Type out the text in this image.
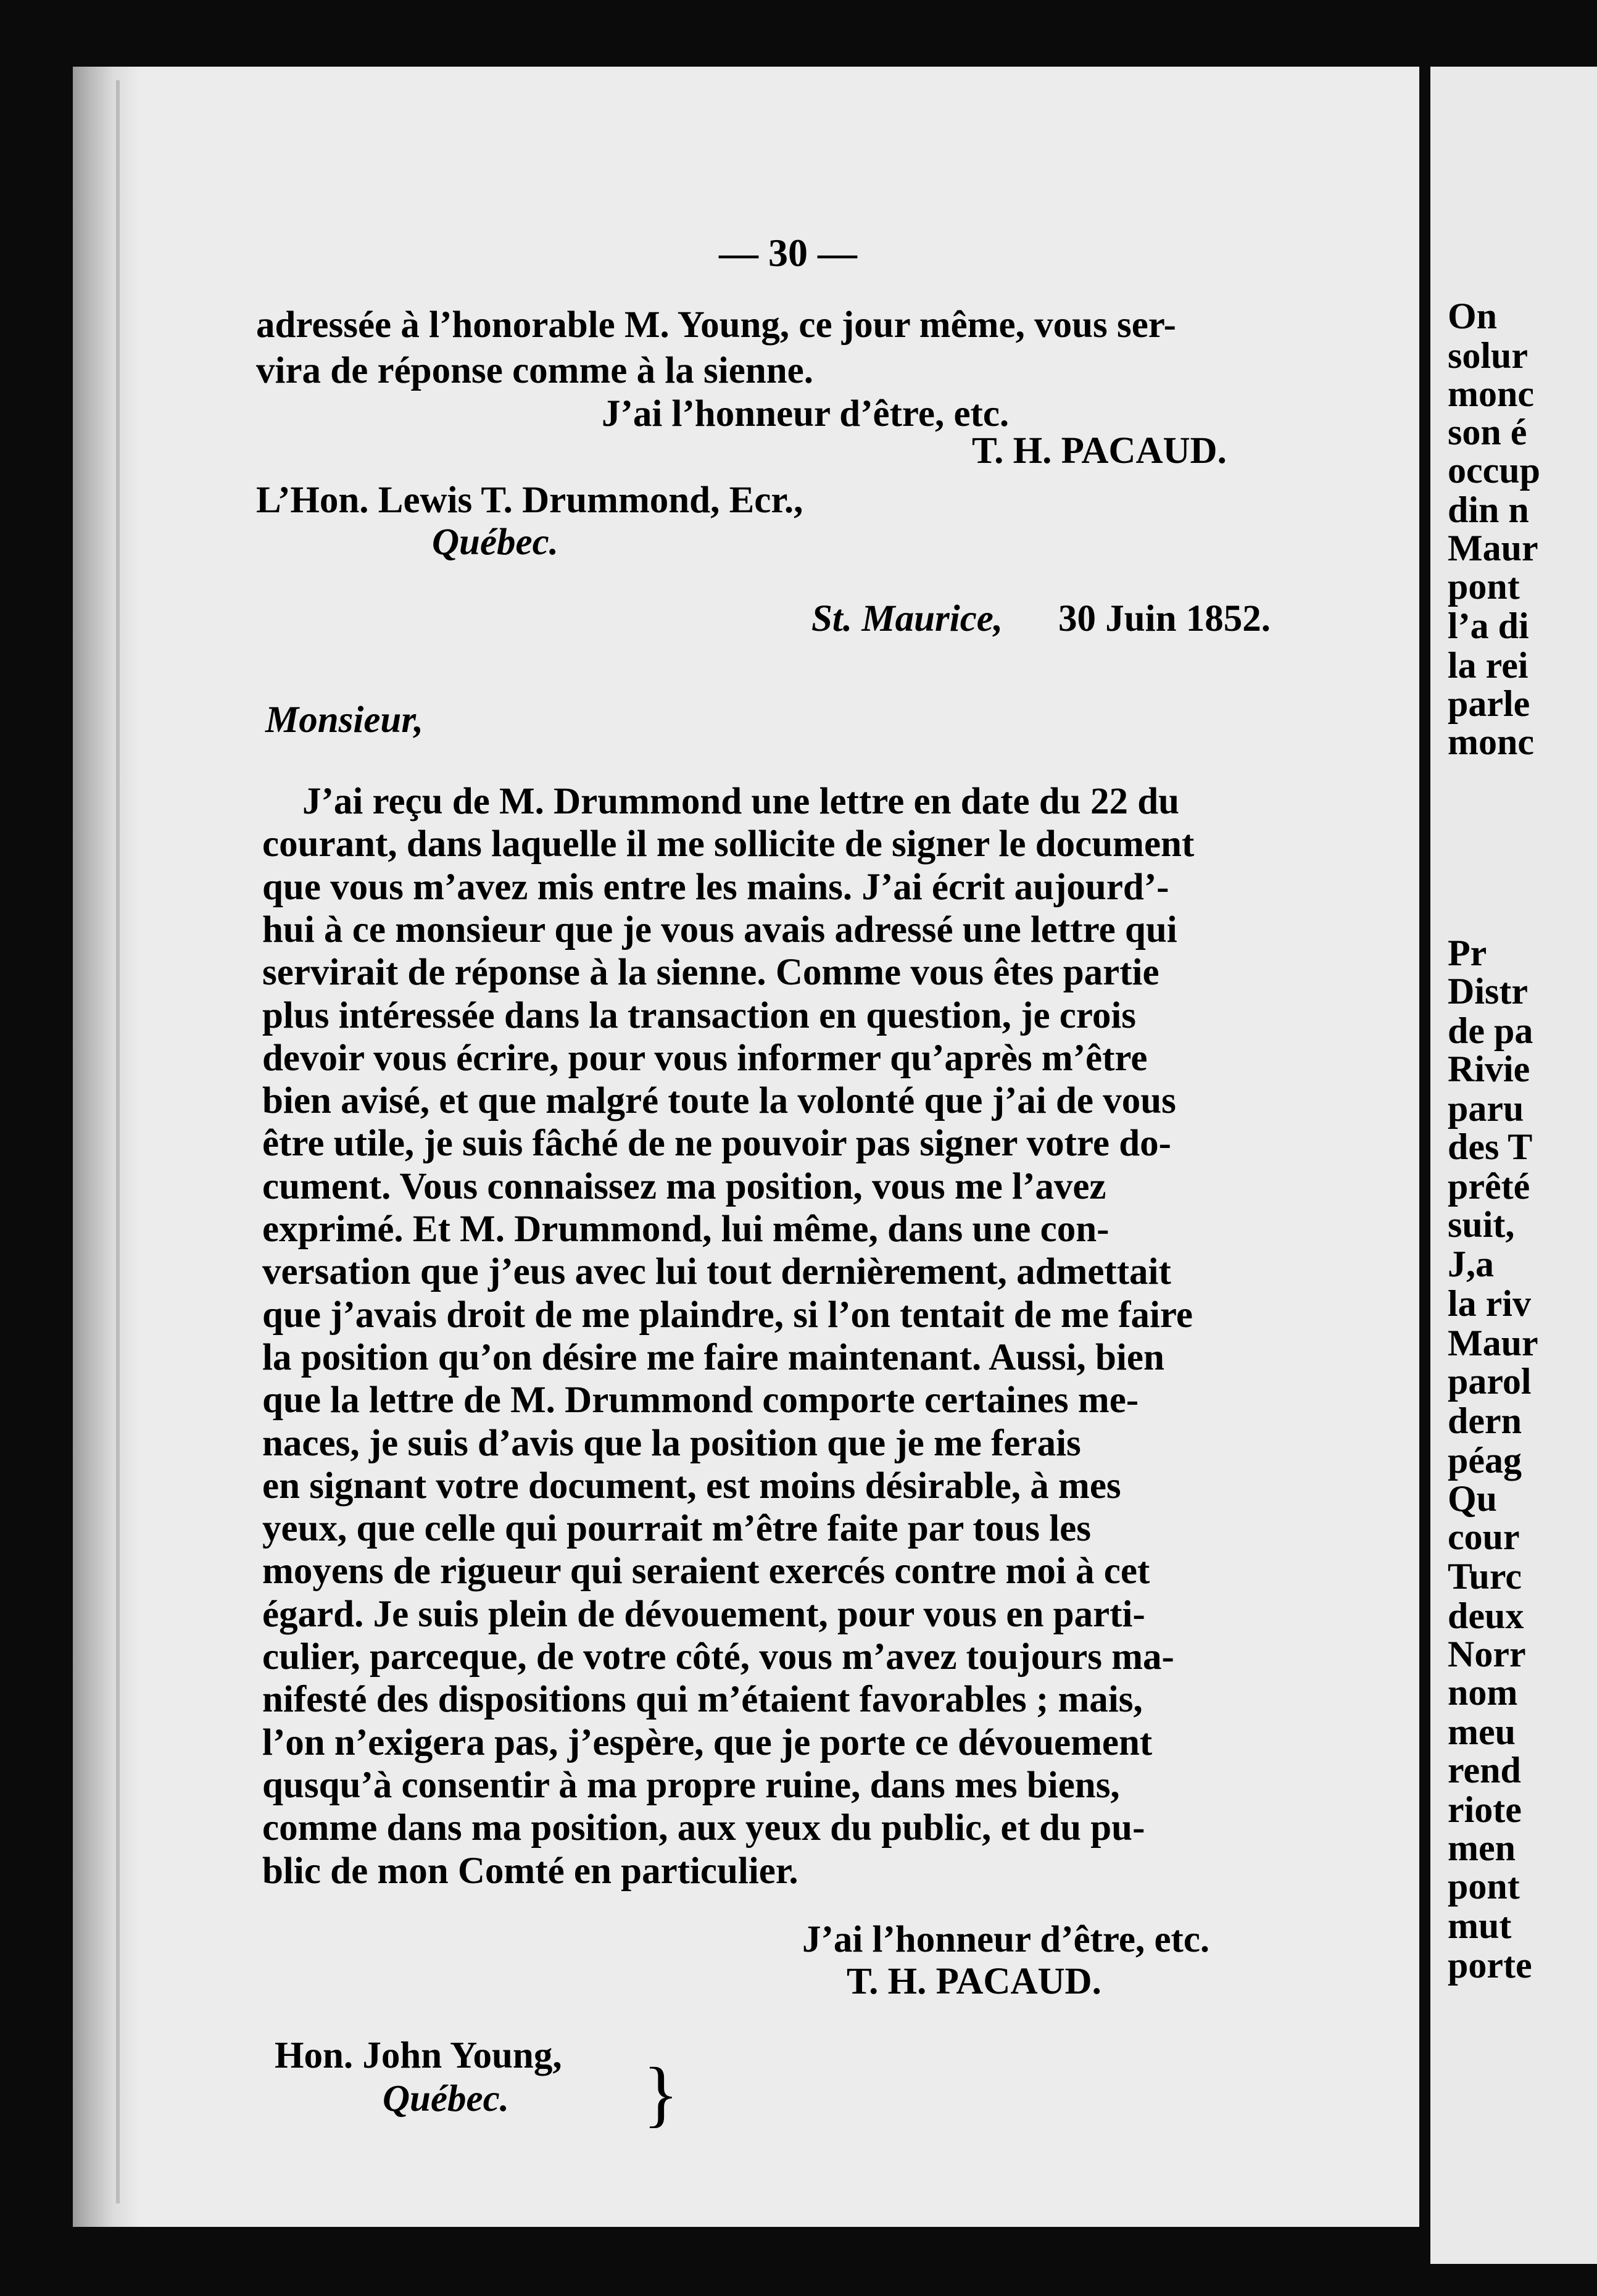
— 30 —
adressée à l’honorable M. Young, ce jour même, vous ser-
vira de réponse comme à la sienne.
J’ai l’honneur d’être, etc.
T. H. PACAUD.
L’Hon. Lewis T. Drummond, Ecr.,
Québec.
St. Maurice, 30 Juin 1852.
Monsieur,
J’ai reçu de M. Drummond une lettre en date du 22 du
courant, dans laquelle il me sollicite de signer le document
que vous m’avez mis entre les mains. J’ai écrit aujourd’-
hui à ce monsieur que je vous avais adressé une lettre qui
servirait de réponse à la sienne. Comme vous êtes partie
plus intéressée dans la transaction en question, je crois
devoir vous écrire, pour vous informer qu’après m’être
bien avisé, et que malgré toute la volonté que j’ai de vous
être utile, je suis fâché de ne pouvoir pas signer votre do-
cument. Vous connaissez ma position, vous me l’avez
exprimé. Et M. Drummond, lui même, dans une con-
versation que j’eus avec lui tout dernièrement, admettait
que j’avais droit de me plaindre, si l’on tentait de me faire
la position qu’on désire me faire maintenant. Aussi, bien
que la lettre de M. Drummond comporte certaines me-
naces, je suis d’avis que la position que je me ferais
en signant votre document, est moins désirable, à mes
yeux, que celle qui pourrait m’être faite par tous les
moyens de rigueur qui seraient exercés contre moi à cet
égard. Je suis plein de dévouement, pour vous en parti-
culier, parceque, de votre côté, vous m’avez toujours ma-
nifesté des dispositions qui m’étaient favorables ; mais,
l’on n’exigera pas, j’espère, que je porte ce dévouement
qusqu’à consentir à ma propre ruine, dans mes biens,
comme dans ma position, aux yeux du public, et du pu-
blic de mon Comté en particulier.
J’ai l’honneur d’être, etc.
T. H. PACAUD.
Hon. John Young,
Québec. }
On
solur
monc
son é
occup
din n
Maur
pont
l’a di
la rei
parle
monc
Pr
Distr
de pa
Rivie
paru
des T
prêté
suit,
J,a
la riv
Maur
parol
dern
péag
Qu
cour
Turc
deux
Norr
nom
meu
rend
riote
men
pont
mut
porte
